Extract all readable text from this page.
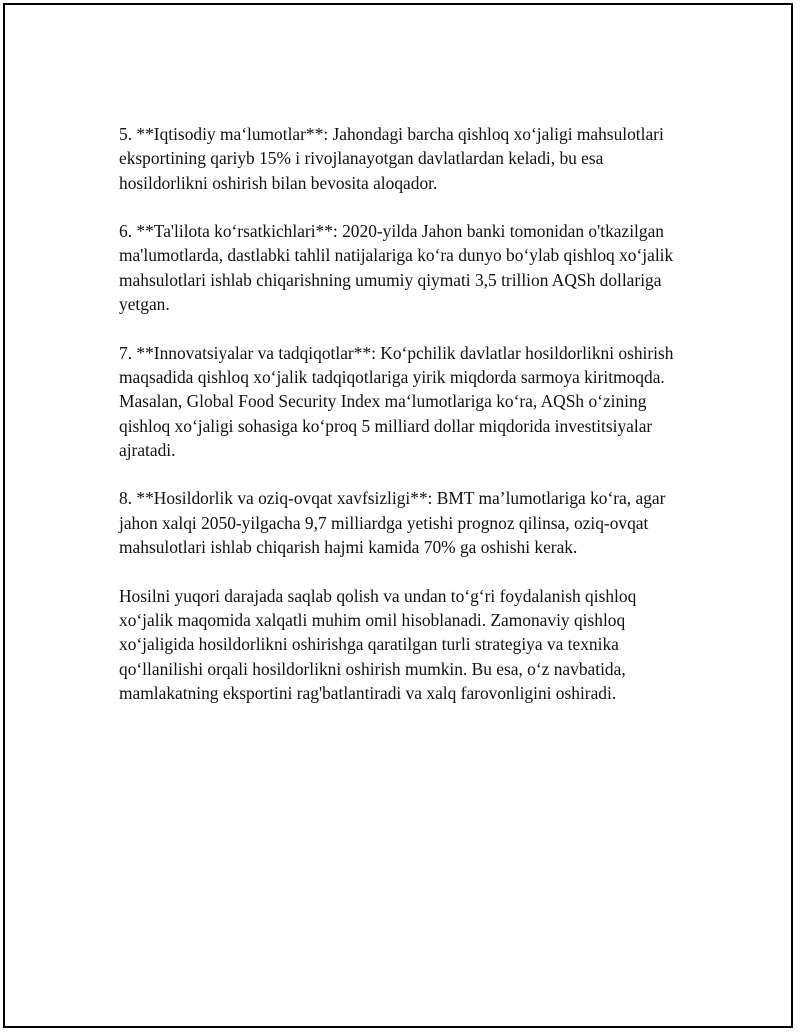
5. **Iqtisodiy ma‘lumotlar**: Jahondagi barcha qishloq xo‘jaligi mahsulotlari eksportining qariyb 15% i rivojlanayotgan davlatlardan keladi, bu esa hosildorlikni oshirish bilan bevosita aloqador.

6. **Ta'lilota ko‘rsatkichlari**: 2020-yilda Jahon banki tomonidan o'tkazilgan ma'lumotlarda, dastlabki tahlil natijalariga ko‘ra dunyo bo‘ylab qishloq xo‘jalik mahsulotlari ishlab chiqarishning umumiy qiymati 3,5 trillion AQSh dollariga yetgan.

7. **Innovatsiyalar va tadqiqotlar**: Ko‘pchilik davlatlar hosildorlikni oshirish maqsadida qishloq xo‘jalik tadqiqotlariga yirik miqdorda sarmoya kiritmoqda. Masalan, Global Food Security Index ma‘lumotlariga ko‘ra, AQSh o‘zining qishloq xo‘jaligi sohasiga ko‘proq 5 milliard dollar miqdorida investitsiyalar ajratadi.

8. **Hosildorlik va oziq-ovqat xavfsizligi**: BMT ma’lumotlariga ko‘ra, agar jahon xalqi 2050-yilgacha 9,7 milliardga yetishi prognoz qilinsa, oziq-ovqat mahsulotlari ishlab chiqarish hajmi kamida 70% ga oshishi kerak.

Hosilni yuqori darajada saqlab qolish va undan to‘g‘ri foydalanish qishloq xo‘jalik maqomida xalqatli muhim omil hisoblanadi. Zamonaviy qishloq xo‘jaligida hosildorlikni oshirishga qaratilgan turli strategiya va texnika qo‘llanilishi orqali hosildorlikni oshirish mumkin. Bu esa, o‘z navbatida, mamlakatning eksportini rag'batlantiradi va xalq farovonligini oshiradi.
